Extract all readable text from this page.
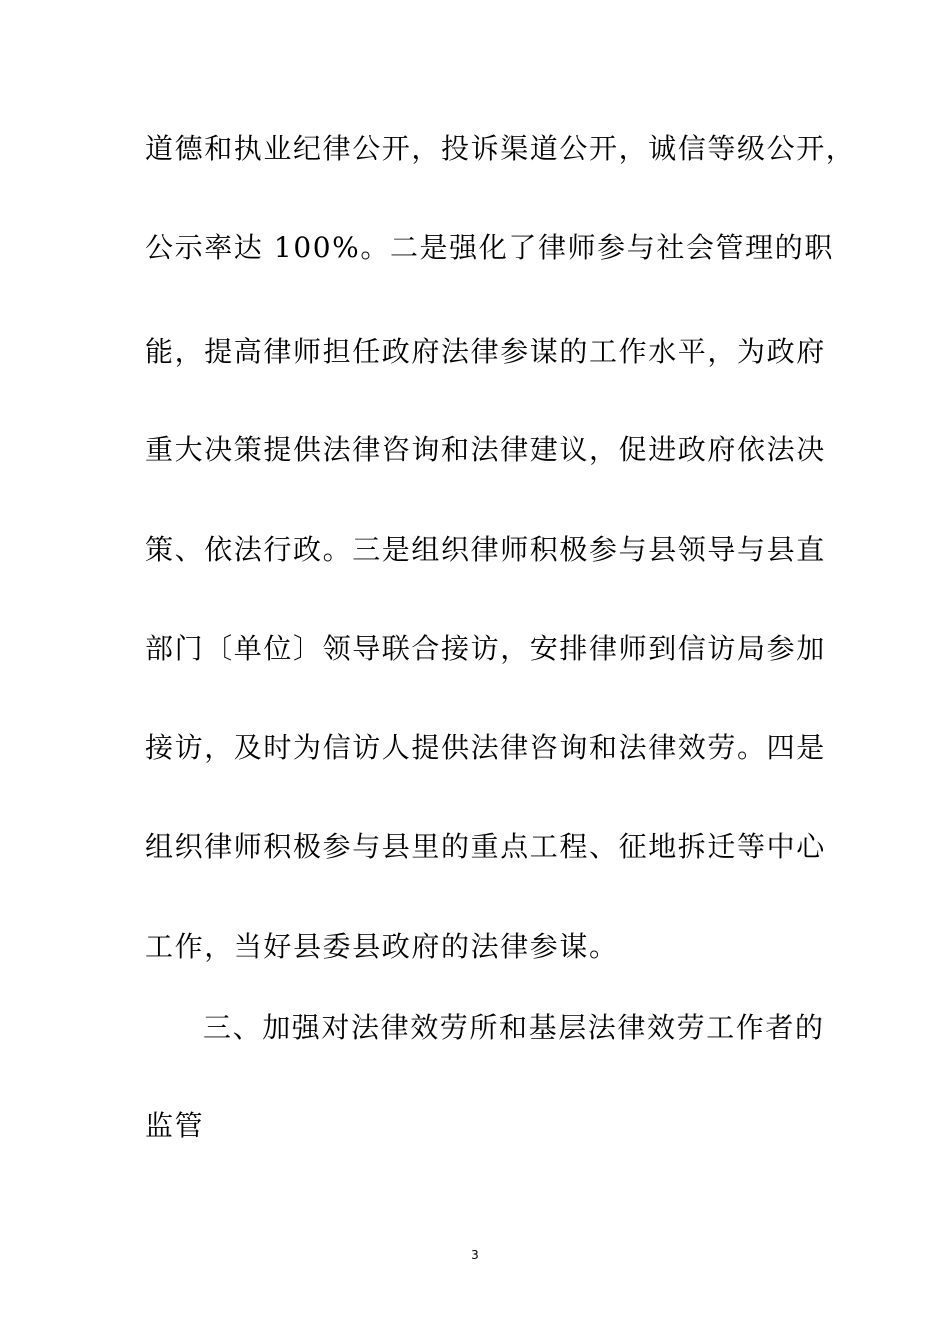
道德和执业纪律公开，投诉渠道公开，诚信等级公开，
公示率达 100%。二是强化了律师参与社会管理的职
能，提高律师担任政府法律参谋的工作水平，为政府
重大决策提供法律咨询和法律建议，促进政府依法决
策、依法行政。三是组织律师积极参与县领导与县直
部门〔单位〕领导联合接访，安排律师到信访局参加
接访，及时为信访人提供法律咨询和法律效劳。四是
组织律师积极参与县里的重点工程、征地拆迁等中心
工作，当好县委县政府的法律参谋。
三、加强对法律效劳所和基层法律效劳工作者的
监管
3
